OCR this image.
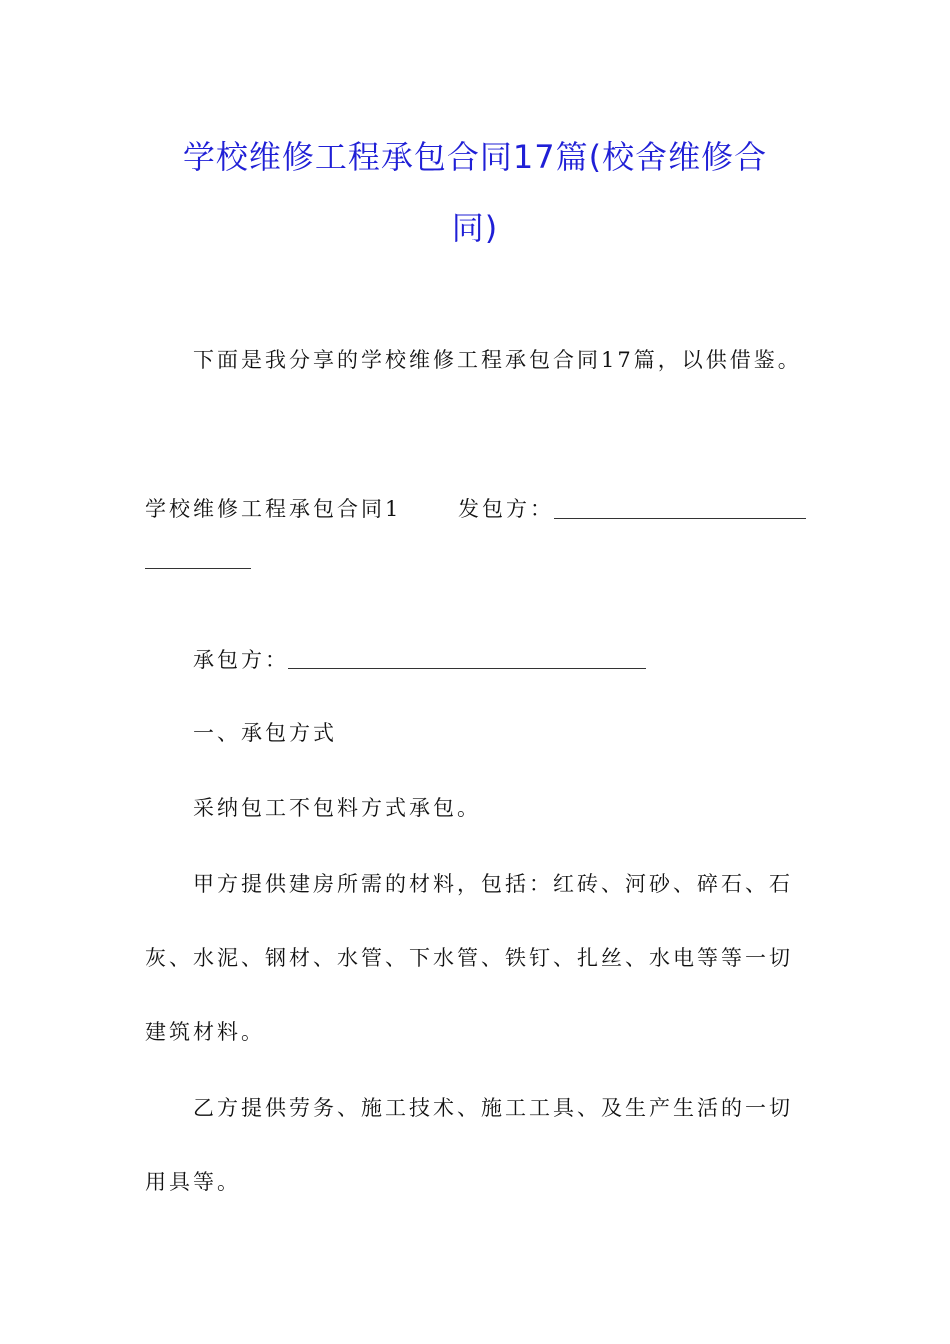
学校维修工程承包合同17篇(校舍维修合
同)
下面是我分享的学校维修工程承包合同17篇，以供借鉴。
学校维修工程承包合同1	发包方：
承包方：
一、承包方式
采纳包工不包料方式承包。
甲方提供建房所需的材料，包括：红砖、河砂、碎石、石
灰、水泥、钢材、水管、下水管、铁钉、扎丝、水电等等一切
建筑材料。
乙方提供劳务、施工技术、施工工具、及生产生活的一切
用具等。
